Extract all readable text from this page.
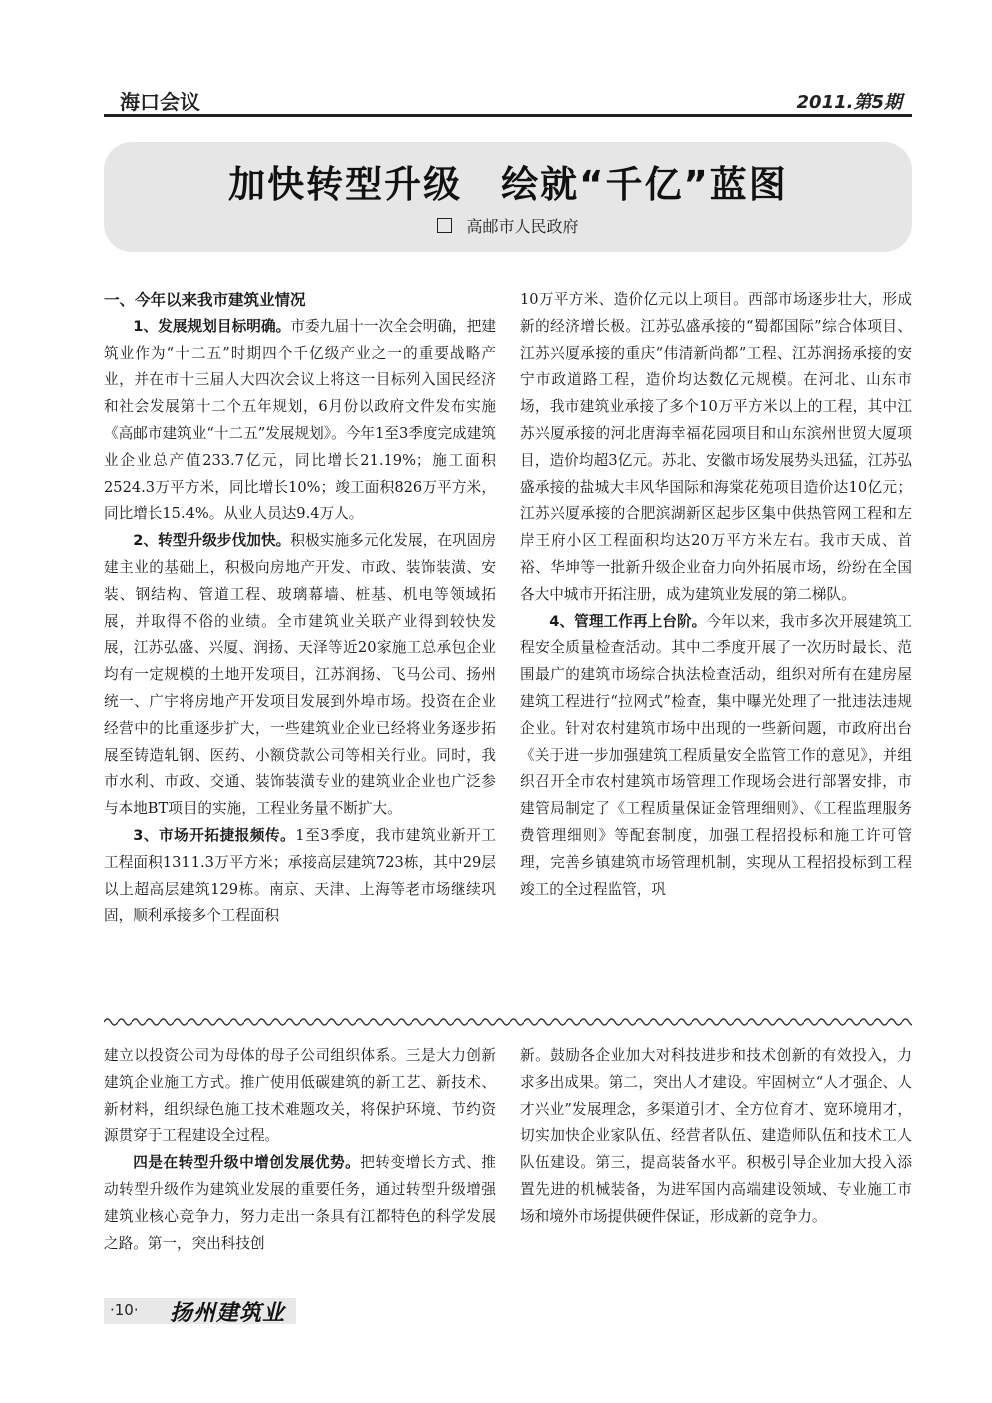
海口会议	2011.第5期
加快转型升级　绘就“千亿”蓝图
高邮市人民政府
一、今年以来我市建筑业情况

1、发展规划目标明确。市委九届十一次全会明确，把建筑业作为“十二五”时期四个千亿级产业之一的重要战略产业，并在市十三届人大四次会议上将这一目标列入国民经济和社会发展第十二个五年规划，6月份以政府文件发布实施《高邮市建筑业“十二五”发展规划》。今年1至3季度完成建筑业企业总产值233.7亿元，同比增长21.19%；施工面积2524.3万平方米，同比增长10%；竣工面积826万平方米，同比增长15.4%。从业人员达9.4万人。

2、转型升级步伐加快。积极实施多元化发展，在巩固房建主业的基础上，积极向房地产开发、市政、装饰装潢、安装、钢结构、管道工程、玻璃幕墙、桩基、机电等领域拓展，并取得不俗的业绩。全市建筑业关联产业得到较快发展，江苏弘盛、兴厦、润扬、天泽等近20家施工总承包企业均有一定规模的土地开发项目，江苏润扬、飞马公司、扬州统一、广宇将房地产开发项目发展到外埠市场。投资在企业经营中的比重逐步扩大，一些建筑业企业已经将业务逐步拓展至铸造轧钢、医药、小额贷款公司等相关行业。同时，我市水利、市政、交通、装饰装潢专业的建筑业企业也广泛参与本地BT项目的实施，工程业务量不断扩大。

3、市场开拓捷报频传。1至3季度，我市建筑业新开工工程面积1311.3万平方米；承接高层建筑723栋，其中29层以上超高层建筑129栋。南京、天津、上海等老市场继续巩固，顺利承接多个工程面积

10万平方米、造价亿元以上项目。西部市场逐步壮大，形成新的经济增长极。江苏弘盛承接的“蜀都国际”综合体项目、江苏兴厦承接的重庆“伟清新尚都”工程、江苏润扬承接的安宁市政道路工程，造价均达数亿元规模。在河北、山东市场，我市建筑业承接了多个10万平方米以上的工程，其中江苏兴厦承接的河北唐海幸福花园项目和山东滨州世贸大厦项目，造价均超3亿元。苏北、安徽市场发展势头迅猛，江苏弘盛承接的盐城大丰风华国际和海棠花苑项目造价达10亿元；江苏兴厦承接的合肥滨湖新区起步区集中供热管网工程和左岸王府小区工程面积均达20万平方米左右。我市天成、首裕、华坤等一批新升级企业奋力向外拓展市场，纷纷在全国各大中城市开拓注册，成为建筑业发展的第二梯队。

4、管理工作再上台阶。今年以来，我市多次开展建筑工程安全质量检查活动。其中二季度开展了一次历时最长、范围最广的建筑市场综合执法检查活动，组织对所有在建房屋建筑工程进行“拉网式”检查，集中曝光处理了一批违法违规企业。针对农村建筑市场中出现的一些新问题，市政府出台《关于进一步加强建筑工程质量安全监管工作的意见》，并组织召开全市农村建筑市场管理工作现场会进行部署安排，市建管局制定了《工程质量保证金管理细则》、《工程监理服务费管理细则》等配套制度，加强工程招投标和施工许可管理，完善乡镇建筑市场管理机制，实现从工程招投标到工程竣工的全过程监管，巩

建立以投资公司为母体的母子公司组织体系。三是大力创新建筑企业施工方式。推广使用低碳建筑的新工艺、新技术、新材料，组织绿色施工技术难题攻关，将保护环境、节约资源贯穿于工程建设全过程。

四是在转型升级中增创发展优势。把转变增长方式、推动转型升级作为建筑业发展的重要任务，通过转型升级增强建筑业核心竞争力，努力走出一条具有江都特色的科学发展之路。第一，突出科技创

新。鼓励各企业加大对科技进步和技术创新的有效投入，力求多出成果。第二，突出人才建设。牢固树立“人才强企、人才兴业”发展理念，多渠道引才、全方位育才、宽环境用才，切实加快企业家队伍、经营者队伍、建造师队伍和技术工人队伍建设。第三，提高装备水平。积极引导企业加大投入添置先进的机械装备，为进军国内高端建设领域、专业施工市场和境外市场提供硬件保证，形成新的竞争力。

·10· 扬州建筑业
